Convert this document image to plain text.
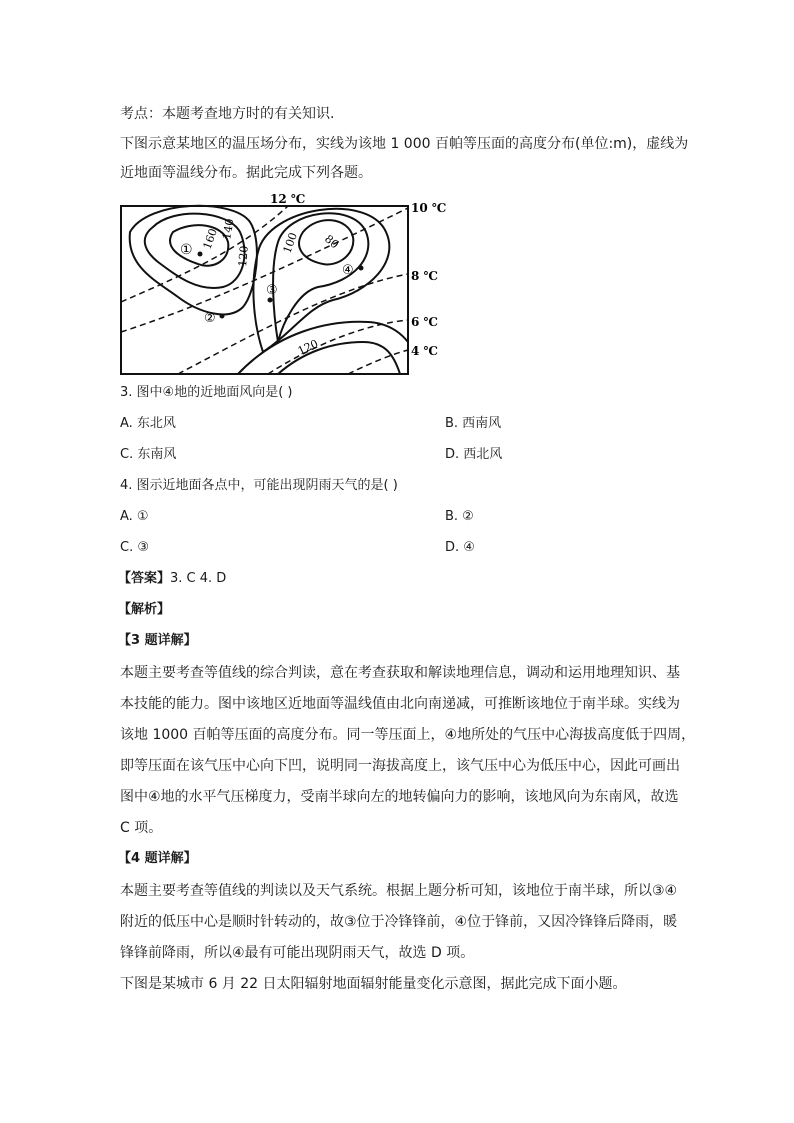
考点：本题考查地方时的有关知识.
下图示意某地区的温压场分布，实线为该地 1 000 百帕等压面的高度分布(单位:m)，虚线为
近地面等温线分布。据此完成下列各题。
12 ℃
10 ℃
8 ℃
6 ℃
4 ℃
160 140
120
100 80
120
①
②
③
④
3. 图中④地的近地面风向是( )
A. 东北风	B. 西南风
C. 东南风	D. 西北风
4. 图示近地面各点中，可能出现阴雨天气的是( )
A. ①	B. ②
C. ③	D. ④
【答案】3. C 4. D
【解析】
【3 题详解】
本题主要考查等值线的综合判读，意在考查获取和解读地理信息，调动和运用地理知识、基
本技能的能力。图中该地区近地面等温线值由北向南递减，可推断该地位于南半球。实线为
该地 1000 百帕等压面的高度分布。同一等压面上，④地所处的气压中心海拔高度低于四周，
即等压面在该气压中心向下凹，说明同一海拔高度上，该气压中心为低压中心，因此可画出
图中④地的水平气压梯度力，受南半球向左的地转偏向力的影响，该地风向为东南风，故选
C 项。
【4 题详解】
本题主要考查等值线的判读以及天气系统。根据上题分析可知，该地位于南半球，所以③④
附近的低压中心是顺时针转动的，故③位于冷锋锋前，④位于锋前，又因冷锋锋后降雨，暖
锋锋前降雨，所以④最有可能出现阴雨天气，故选 D 项。
下图是某城市 6 月 22 日太阳辐射地面辐射能量变化示意图，据此完成下面小题。
